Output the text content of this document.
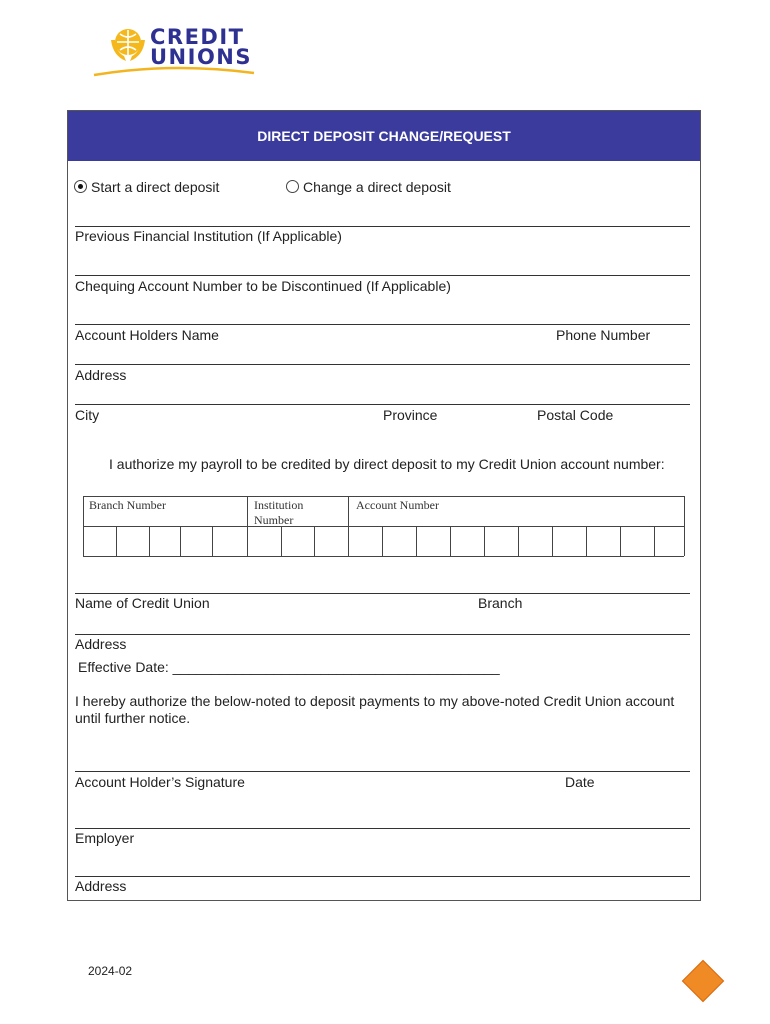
CREDIT
UNIONS
DIRECT DEPOSIT CHANGE/REQUEST
Start a direct deposit	Change a direct deposit
Previous Financial Institution (If Applicable)
Chequing Account Number to be Discontinued (If Applicable)
Account Holders Name	Phone Number
Address
City	Province	Postal Code
I authorize my payroll to be credited by direct deposit to my Credit Union account number:
Branch Number	Institution
Number
Account Number
Name of Credit Union	Branch
Address
Effective Date: __________________________________________
I hereby authorize the below-noted to deposit payments to my above-noted Credit Union account
until further notice.
Account Holder’s Signature	Date
Employer
Address
2024-02
